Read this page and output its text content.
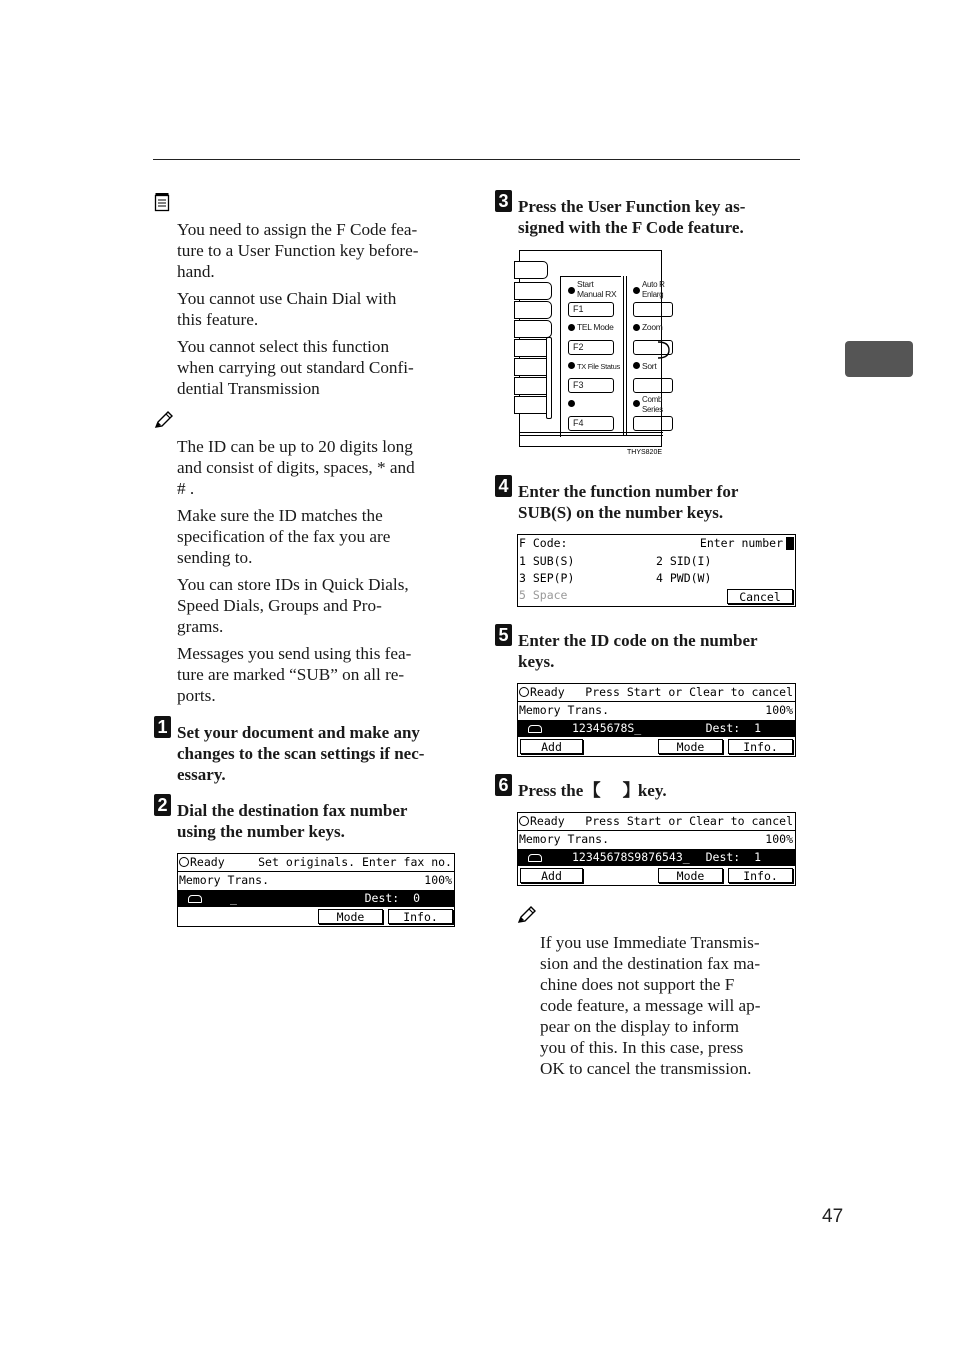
You need to assign the F Code fea-
ture to a User Function key before-
hand.
You cannot use Chain Dial with
this feature.
You cannot select this function
when carrying out standard Confi-
dential Transmission
The ID can be up to 20 digits long
and consist of digits, spaces, * and
# .
Make sure the ID matches the
specification of the fax you are
sending to.
You can store IDs in Quick Dials,
Speed Dials, Groups and Pro-
grams.
Messages you send using this fea-
ture are marked “SUB” on all re-
ports.
1 Set your document and make any
changes to the scan settings if nec-
essary.
2 Dial the destination fax number
using the number keys.

Ready

	Set originals. Enter fax no.

Memory Trans.

	100%

_

	Dest:  0

Mode	Info.
3 Press the User Function key as-
signed with the F Code feature.
Start
Manual RX
F1
TEL Mode
F2
TX File Status
F3
F4
Auto R
Enlarg
Zoom
Sort
Comb
Series
THYS820E
4 Enter the function number for
SUB(S) on the number keys.

F Code:

	Enter number

1 SUB(S)

	2 SID(I)

3 SEP(P)

	4 PWD(W)

5 Space

	Cancel
5 Enter the ID code on the number
keys.

Ready

Press Start or Clear to cancel

Memory Trans.

	100%

12345678S_

	Dest:  1

Add	Mode	Info.
6 Press the 【 】 key.

Ready

Press Start or Clear to cancel

Memory Trans.

	100%

12345678S9876543_

Dest:  1

Add	Mode	Info.
If you use Immediate Transmis-
sion and the destination fax ma-
chine does not support the F
code feature, a message will ap-
pear on the display to inform
you of this. In this case, press
OK to cancel the transmission.
47
